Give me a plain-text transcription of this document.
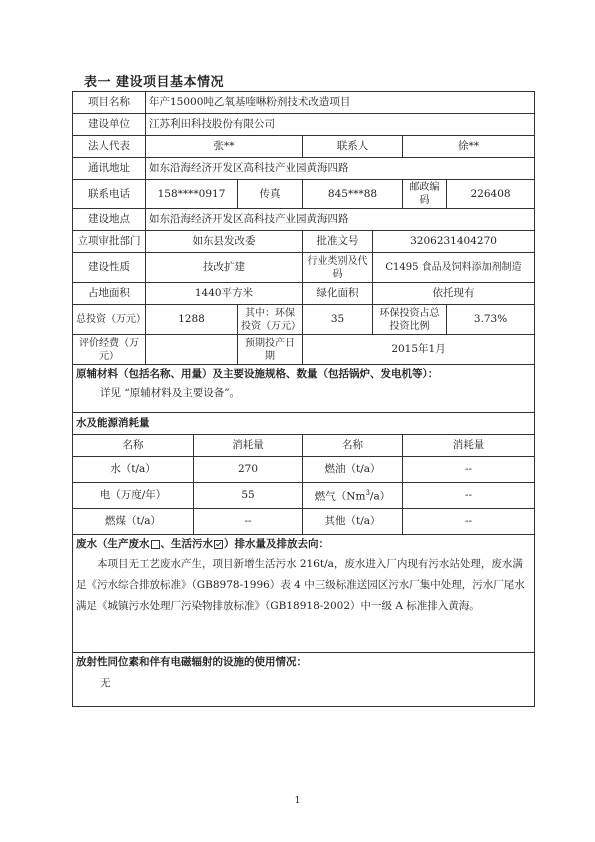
表一 建设项目基本情况
项目名称	年产15000吨乙氧基喹啉粉剂技术改造项目						
建设单位	江苏利田科技股份有限公司						
法人代表	张**			联系人		徐**	
通讯地址	如东沿海经济开发区高科技产业园黄海四路						
联系电话	158****0917		传真	845***88		邮政编码	226408
建设地点	如东沿海经济开发区高科技产业园黄海四路						
立项审批部门	如东县发改委			批准文号	3206231404270		
建设性质	技改扩建			行业类别及代码	C1495 食品及饲料添加剂制造		
占地面积	1440平方米			绿化面积	依托现有		
总投资（万元）	1288		其中：环保投资（万元）	35	环保投资占总投资比例		3.73%
评价经费（万元）			预期投产日期	2015年1月			

原辅材料（包括名称、用量）及主要设施规格、数量（包括锅炉、发电机等）：
详见 “原辅材料及主要设备”。							

水及能源消耗量							
名称		消耗量		名称		消耗量	
水（t/a）		270		燃油（t/a）		--	
电（万度/年）		55		燃气（Nm$^3$/a）		--	
燃煤（t/a）		--		其他（t/a）		--	

废水（生产废水 、生活污水 ）排水量及排放去向：
本项目无工艺废水产生，项目新增生活污水 216t/a，废水进入厂内现有污水站处理，废水满足《污水综合排放标准》（GB8978-1996）表 4 中三级标准送园区污水厂集中处理，污水厂尾水满足《城镇污水处理厂污染物排放标准》（GB18918-2002）中一级 A 标准排入黄海。							

放射性同位素和伴有电磁辐射的设施的使用情况：
无							
1
